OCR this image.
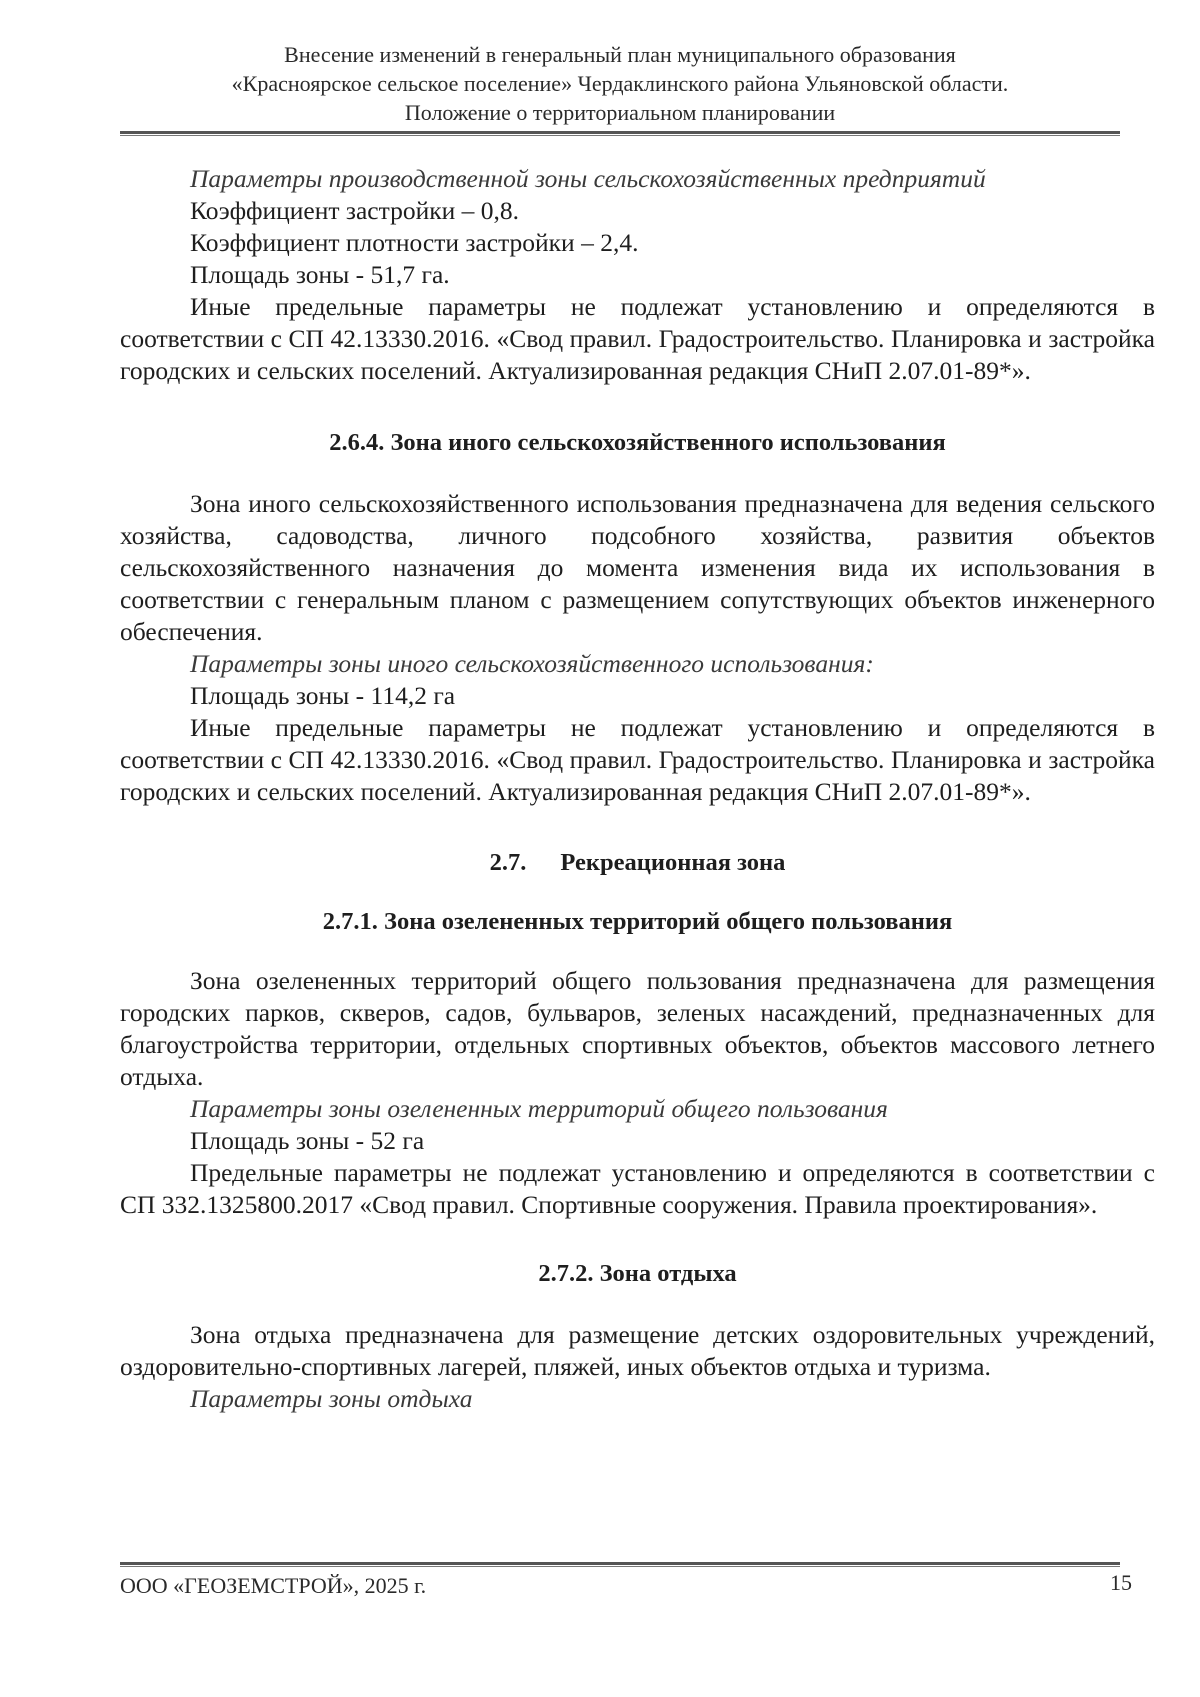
Внесение изменений в генеральный план муниципального образования
«Красноярское сельское поселение» Чердаклинского района Ульяновской области.
Положение о территориальном планировании

Параметры производственной зоны сельскохозяйственных предприятий

Коэффициент застройки – 0,8.

Коэффициент плотности застройки – 2,4.

Площадь зоны - 51,7 га.

Иные предельные параметры не подлежат установлению и определяются в соответствии с СП 42.13330.2016. «Свод правил. Градостроительство. Планировка и застройка городских и сельских поселений. Актуализированная редакция СНиП 2.07.01-89*».

2.6.4. Зона иного сельскохозяйственного использования

Зона иного сельскохозяйственного использования предназначена для ведения сельского хозяйства, садоводства, личного подсобного хозяйства, развития объектов сельскохозяйственного назначения до момента изменения вида их использования в соответствии с генеральным планом с размещением сопутствующих объектов инженерного обеспечения.

Параметры зоны иного сельскохозяйственного использования:

Площадь зоны - 114,2 га

Иные предельные параметры не подлежат установлению и определяются в соответствии с СП 42.13330.2016. «Свод правил. Градостроительство. Планировка и застройка городских и сельских поселений. Актуализированная редакция СНиП 2.07.01-89*».

2.7. Рекреационная зона

2.7.1. Зона озелененных территорий общего пользования

Зона озелененных территорий общего пользования предназначена для размещения городских парков, скверов, садов, бульваров, зеленых насаждений, предназначенных для благоустройства территории, отдельных спортивных объектов, объектов массового летнего отдыха.

Параметры зоны озелененных территорий общего пользования

Площадь зоны - 52 га

Предельные параметры не подлежат установлению и определяются в соответствии с СП 332.1325800.2017 «Свод правил. Спортивные сооружения. Правила проектирования».

2.7.2. Зона отдыха

Зона отдыха предназначена для размещение детских оздоровительных учреждений, оздоровительно-спортивных лагерей, пляжей, иных объектов отдыха и туризма.

Параметры зоны отдыха

ООО «ГЕОЗЕМСТРОЙ», 2025 г.	15
